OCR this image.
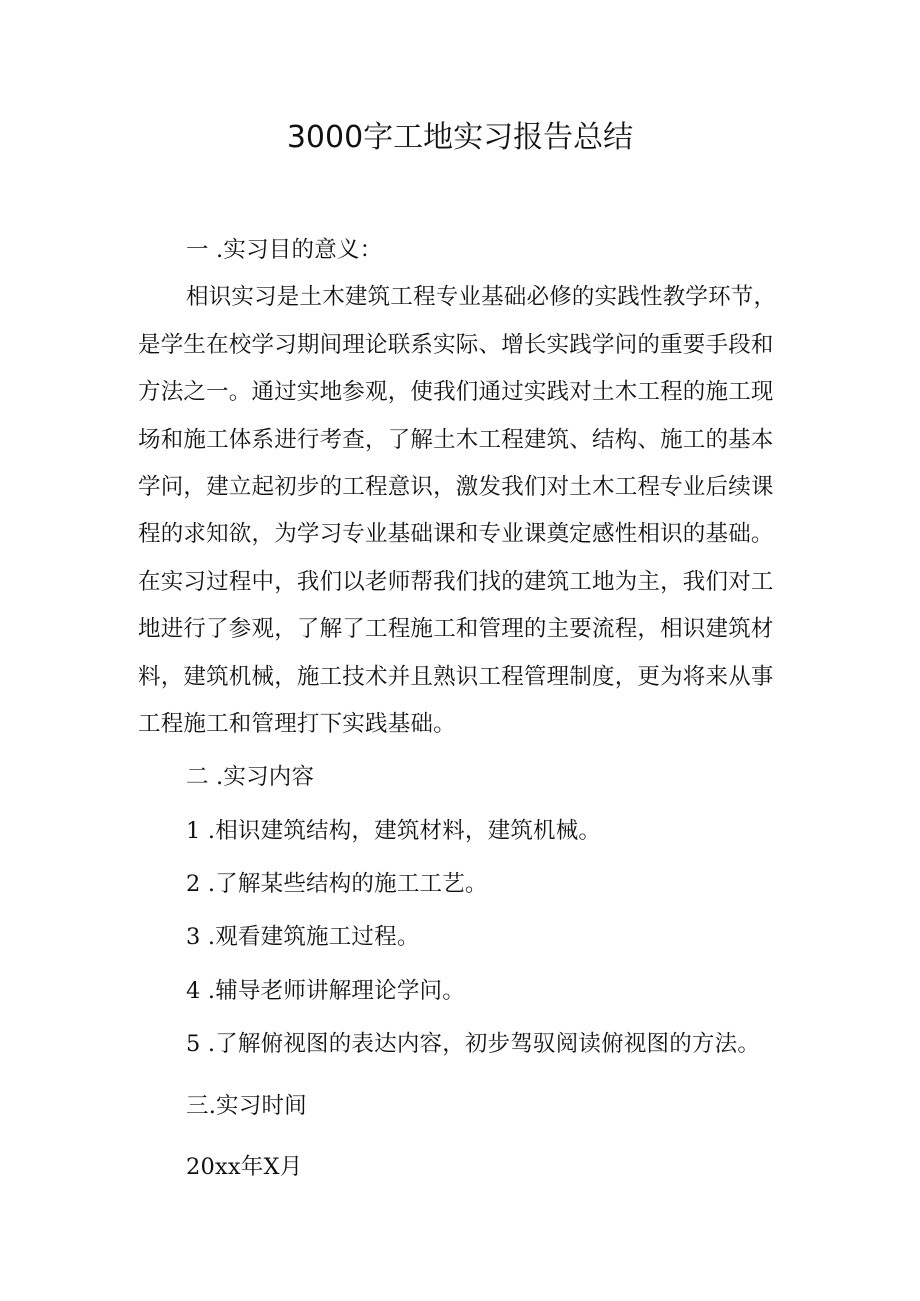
3000字工地实习报告总结
一 .实习目的意义：
相识实习是土木建筑工程专业基础必修的实践性教学环节，
是学生在校学习期间理论联系实际、增长实践学问的重要手段和
方法之一。通过实地参观，使我们通过实践对土木工程的施工现
场和施工体系进行考查，了解土木工程建筑、结构、施工的基本
学问，建立起初步的工程意识，激发我们对土木工程专业后续课
程的求知欲，为学习专业基础课和专业课奠定感性相识的基础。
在实习过程中，我们以老师帮我们找的建筑工地为主，我们对工
地进行了参观，了解了工程施工和管理的主要流程，相识建筑材
料，建筑机械，施工技术并且熟识工程管理制度，更为将来从事
工程施工和管理打下实践基础。
二 .实习内容
1 .相识建筑结构，建筑材料，建筑机械。
2 .了解某些结构的施工工艺。
3 .观看建筑施工过程。
4 .辅导老师讲解理论学问。
5 .了解俯视图的表达内容，初步驾驭阅读俯视图的方法。
三.实习时间
20xx年X月
